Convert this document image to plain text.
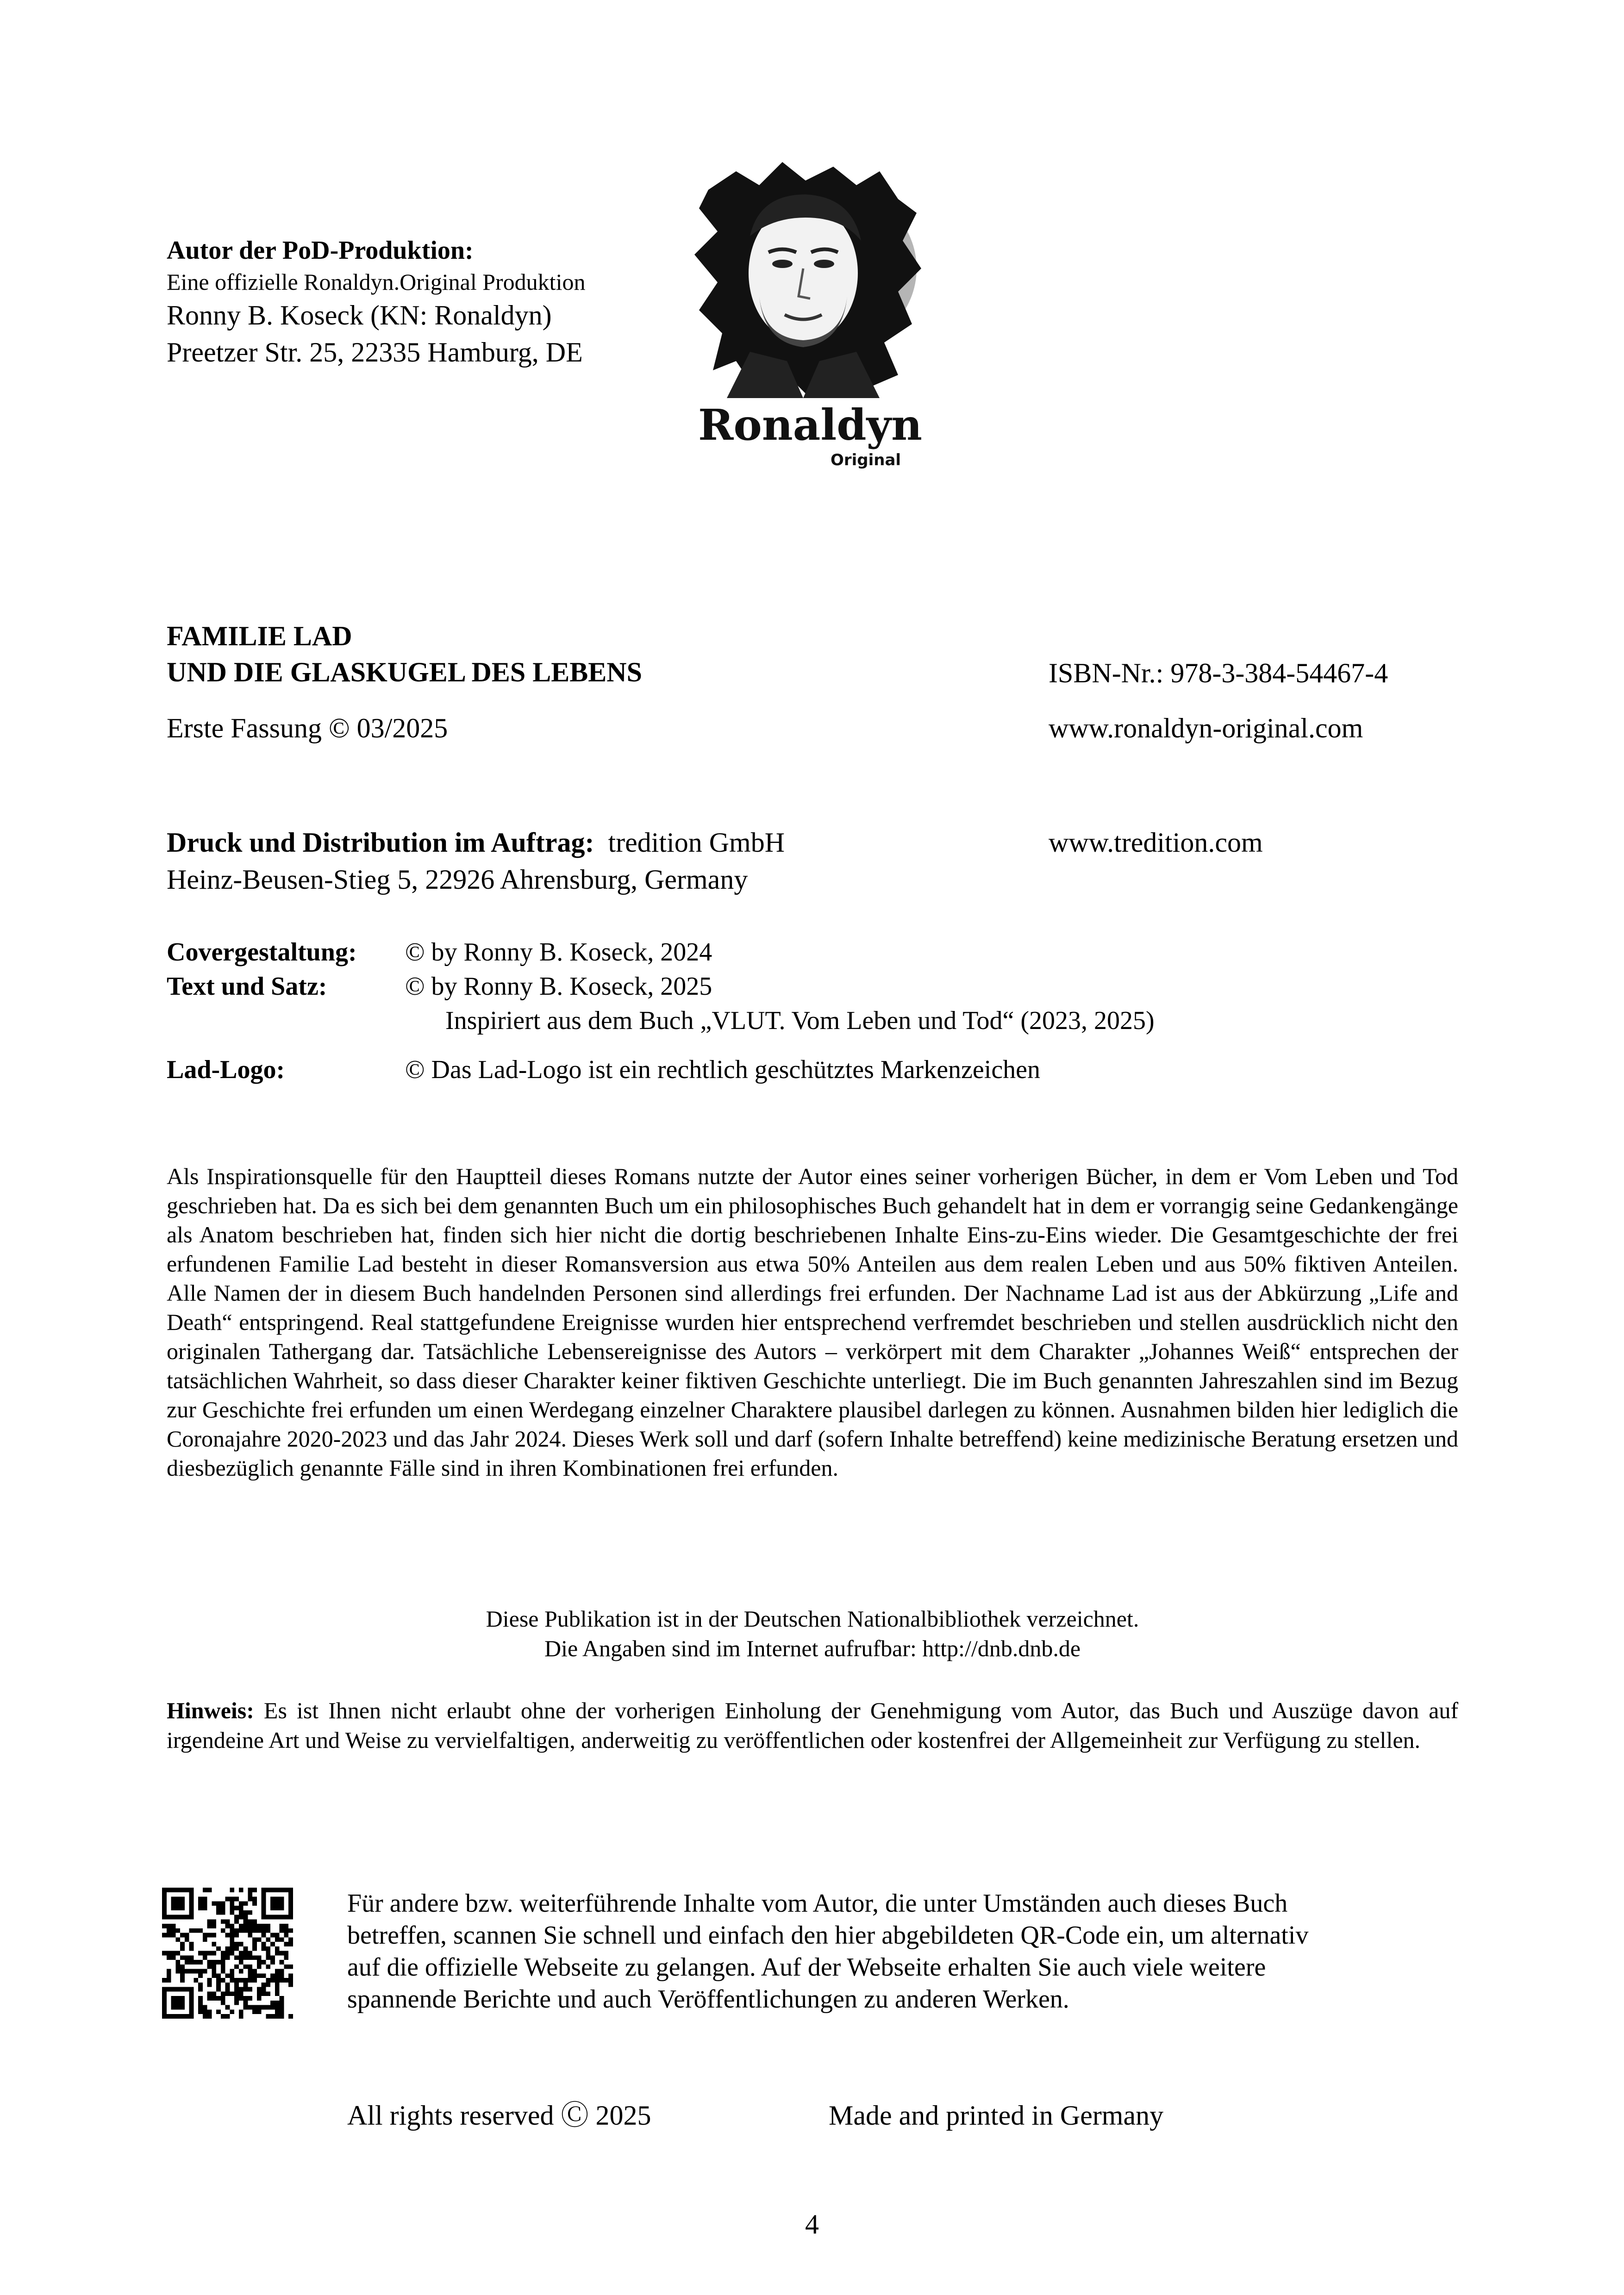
Autor der PoD-Produktion:
Eine offizielle Ronaldyn.Original Produktion
Ronny B. Koseck (KN: Ronaldyn)
Preetzer Str. 25, 22335 Hamburg, DE
Ronaldyn
Original
FAMILIE LAD
UND DIE GLASKUGEL DES LEBENS	ISBN-Nr.: 978-3-384-54467-4
Erste Fassung © 03/2025	www.ronaldyn-original.com
Druck und Distribution im Auftrag: tredition GmbH
Heinz-Beusen-Stieg 5, 22926 Ahrensburg, Germany
www.tredition.com
Covergestaltung: © by Ronny B. Koseck, 2024
Text und Satz:	© by Ronny B. Koseck, 2025
Inspiriert aus dem Buch „VLUT. Vom Leben und Tod“ (2023, 2025)
Lad-Logo:	© Das Lad-Logo ist ein rechtlich geschütztes Markenzeichen
Als Inspirationsquelle für den Hauptteil dieses Romans nutzte der Autor eines seiner vorherigen Bücher, in dem er Vom Leben und Tod geschrieben hat. Da es sich bei dem genannten Buch um ein philosophisches Buch gehandelt hat in dem er vorrangig seine Gedankengänge als Anatom beschrieben hat, finden sich hier nicht die dortig beschriebenen Inhalte Eins-zu-Eins wieder. Die Gesamtgeschichte der frei erfundenen Familie Lad besteht in dieser Romansversion aus etwa 50% Anteilen aus dem realen Leben und aus 50% fiktiven Anteilen. Alle Namen der in diesem Buch handelnden Personen sind allerdings frei erfunden. Der Nachname Lad ist aus der Abkürzung „Life and Death“ entspringend. Real stattgefundene Ereignisse wurden hier entsprechend verfremdet beschrieben und stellen ausdrücklich nicht den originalen Tathergang dar. Tatsächliche Lebensereignisse des Autors – verkörpert mit dem Charakter „Johannes Weiß“ entsprechen der tatsächlichen Wahrheit, so dass dieser Charakter keiner fiktiven Geschichte unterliegt. Die im Buch genannten Jahreszahlen sind im Bezug zur Geschichte frei erfunden um einen Werdegang einzelner Charaktere plausibel darlegen zu können. Ausnahmen bilden hier lediglich die Coronajahre 2020-2023 und das Jahr 2024. Dieses Werk soll und darf (sofern Inhalte betreffend) keine medizinische Beratung ersetzen und diesbezüglich genannte Fälle sind in ihren Kombinationen frei erfunden.
Diese Publikation ist in der Deutschen Nationalbibliothek verzeichnet.
Die Angaben sind im Internet aufrufbar: http://dnb.dnb.de
Hinweis: Es ist Ihnen nicht erlaubt ohne der vorherigen Einholung der Genehmigung vom Autor, das Buch und Auszüge davon auf irgendeine Art und Weise zu vervielfaltigen, anderweitig zu veröffentlichen oder kostenfrei der Allgemeinheit zur Verfügung zu stellen.
Für andere bzw. weiterführende Inhalte vom Autor, die unter Umständen auch dieses Buch
betreffen, scannen Sie schnell und einfach den hier abgebildeten QR-Code ein, um alternativ
auf die offizielle Webseite zu gelangen. Auf der Webseite erhalten Sie auch viele weitere
spannende Berichte und auch Veröffentlichungen zu anderen Werken.
All rights reserved Ⓒ 2025	Made and printed in Germany
4
